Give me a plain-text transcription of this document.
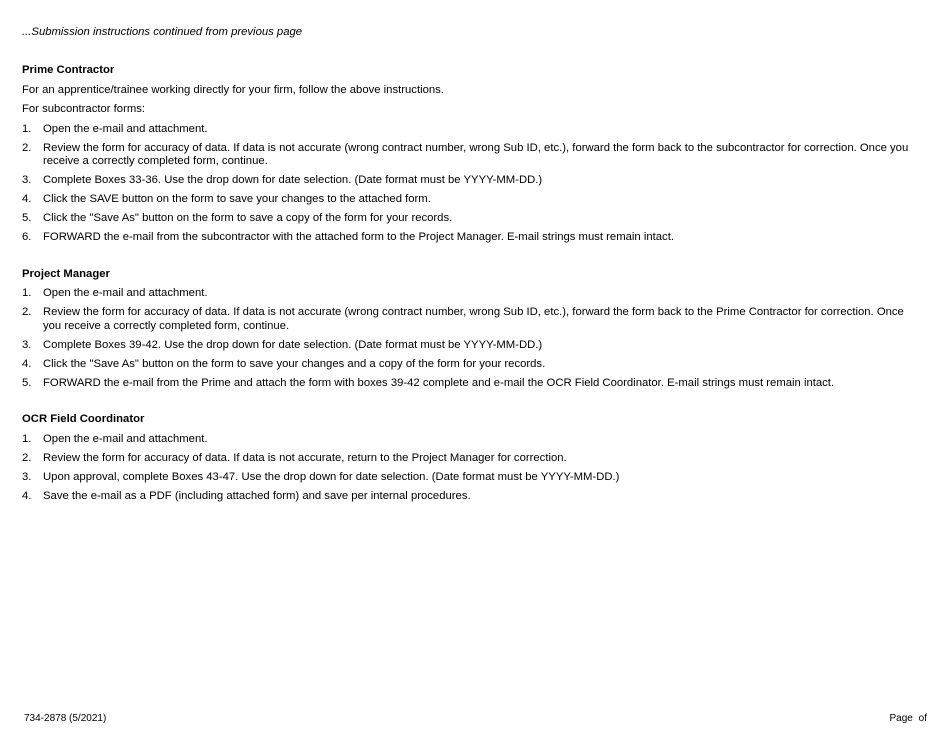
...Submission instructions continued from previous page
Prime Contractor
For an apprentice/trainee working directly for your firm, follow the above instructions.
For subcontractor forms:
1. Open the e-mail and attachment.
2. Review the form for accuracy of data. If data is not accurate (wrong contract number, wrong Sub ID, etc.), forward the form back to the subcontractor for correction. Once you receive a correctly completed form, continue.
3. Complete Boxes 33-36. Use the drop down for date selection. (Date format must be YYYY-MM-DD.)
4. Click the SAVE button on the form to save your changes to the attached form.
5. Click the "Save As" button on the form to save a copy of the form for your records.
6. FORWARD the e-mail from the subcontractor with the attached form to the Project Manager. E-mail strings must remain intact.
Project Manager
1. Open the e-mail and attachment.
2. Review the form for accuracy of data. If data is not accurate (wrong contract number, wrong Sub ID, etc.), forward the form back to the Prime Contractor for correction. Once you receive a correctly completed form, continue.
3. Complete Boxes 39-42. Use the drop down for date selection. (Date format must be YYYY-MM-DD.)
4. Click the "Save As" button on the form to save your changes and a copy of the form for your records.
5. FORWARD the e-mail from the Prime and attach the form with boxes 39-42 complete and e-mail the OCR Field Coordinator. E-mail strings must remain intact.
OCR Field Coordinator
1. Open the e-mail and attachment.
2. Review the form for accuracy of data. If data is not accurate, return to the Project Manager for correction.
3. Upon approval, complete Boxes 43-47. Use the drop down for date selection. (Date format must be YYYY-MM-DD.)
4. Save the e-mail as a PDF (including attached form) and save per internal procedures.
734-2878 (5/2021)	Page of
